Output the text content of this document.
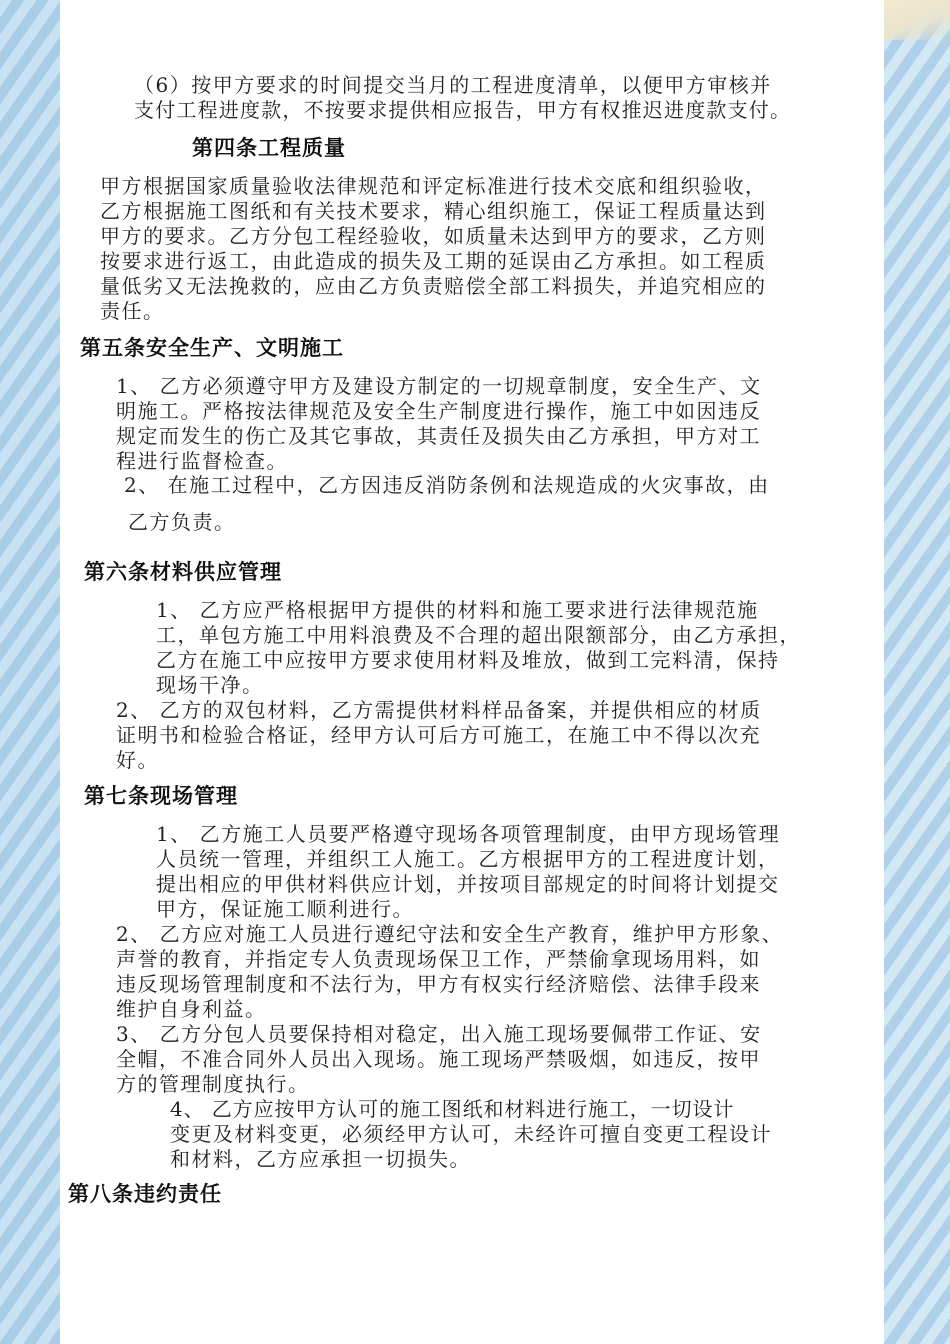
（6）按甲方要求的时间提交当月的工程进度清单，以便甲方审核并

支付工程进度款，不按要求提供相应报告，甲方有权推迟进度款支付。

第四条工程质量

甲方根据国家质量验收法律规范和评定标准进行技术交底和组织验收，

乙方根据施工图纸和有关技术要求，精心组织施工，保证工程质量达到

甲方的要求。乙方分包工程经验收，如质量未达到甲方的要求，乙方则

按要求进行返工，由此造成的损失及工期的延误由乙方承担。如工程质

量低劣又无法挽救的，应由乙方负责赔偿全部工料损失，并追究相应的

责任。

第五条安全生产、文明施工

1、 乙方必须遵守甲方及建设方制定的一切规章制度，安全生产、文

明施工。严格按法律规范及安全生产制度进行操作，施工中如因违反

规定而发生的伤亡及其它事故，其责任及损失由乙方承担，甲方对工

程进行监督检查。

2、 在施工过程中，乙方因违反消防条例和法规造成的火灾事故，由

乙方负责。

第六条材料供应管理

1、 乙方应严格根据甲方提供的材料和施工要求进行法律规范施

工，单包方施工中用料浪费及不合理的超出限额部分，由乙方承担，

乙方在施工中应按甲方要求使用材料及堆放，做到工完料清，保持

现场干净。

2、 乙方的双包材料，乙方需提供材料样品备案，并提供相应的材质

证明书和检验合格证，经甲方认可后方可施工，在施工中不得以次充

好。

第七条现场管理

1、 乙方施工人员要严格遵守现场各项管理制度，由甲方现场管理

人员统一管理，并组织工人施工。乙方根据甲方的工程进度计划，

提出相应的甲供材料供应计划，并按项目部规定的时间将计划提交

甲方，保证施工顺利进行。

2、 乙方应对施工人员进行遵纪守法和安全生产教育，维护甲方形象、

声誉的教育，并指定专人负责现场保卫工作，严禁偷拿现场用料，如

违反现场管理制度和不法行为，甲方有权实行经济赔偿、法律手段来

维护自身利益。

3、 乙方分包人员要保持相对稳定，出入施工现场要佩带工作证、安

全帽，不准合同外人员出入现场。施工现场严禁吸烟，如违反，按甲

方的管理制度执行。

4、 乙方应按甲方认可的施工图纸和材料进行施工，一切设计

变更及材料变更，必须经甲方认可，未经许可擅自变更工程设计

和材料，乙方应承担一切损失。

第八条违约责任
